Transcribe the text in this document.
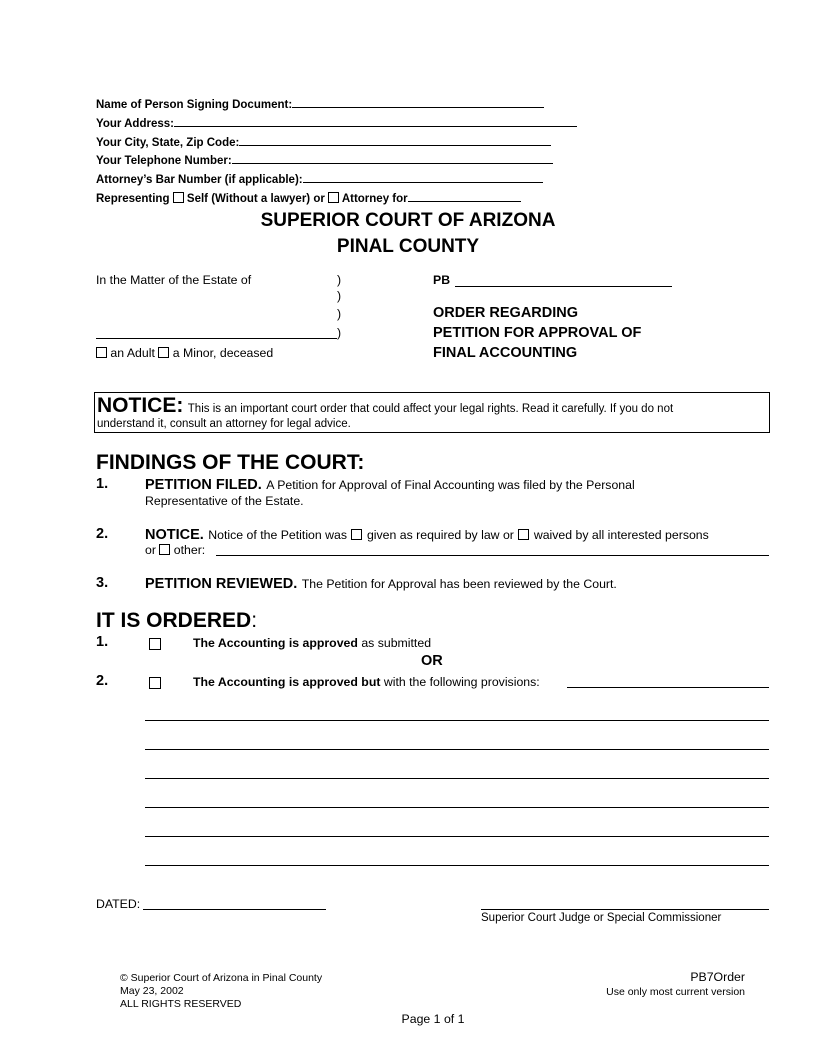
Name of Person Signing Document:
Your Address:
Your City, State, Zip Code:
Your Telephone Number:
Attorney’s Bar Number (if applicable):
Representing Self (Without a lawyer) or Attorney for
SUPERIOR COURT OF ARIZONA
PINAL COUNTY
In the Matter of the Estate of	)
)
)
)
an Adult a Minor, deceased
PB
ORDER REGARDING
PETITION FOR APPROVAL OF
FINAL ACCOUNTING
NOTICE: This is an important court order that could affect your legal rights. Read it carefully. If you do not
understand it, consult an attorney for legal advice.
FINDINGS OF THE COURT:
1.	PETITION FILED. A Petition for Approval of Final Accounting was filed by the Personal
Representative of the Estate.
2.	NOTICE. Notice of the Petition was given as required by law or waived by all interested persons
or other:
3.	PETITION REVIEWED. The Petition for Approval has been reviewed by the Court.
IT IS ORDERED:
1.	The Accounting is approved as submitted
OR
2.	The Accounting is approved but with the following provisions:
DATED:
Superior Court Judge or Special Commissioner
© Superior Court of Arizona in Pinal County
May 23, 2002
ALL RIGHTS RESERVED
PB7Order
Use only most current version
Page 1 of 1
